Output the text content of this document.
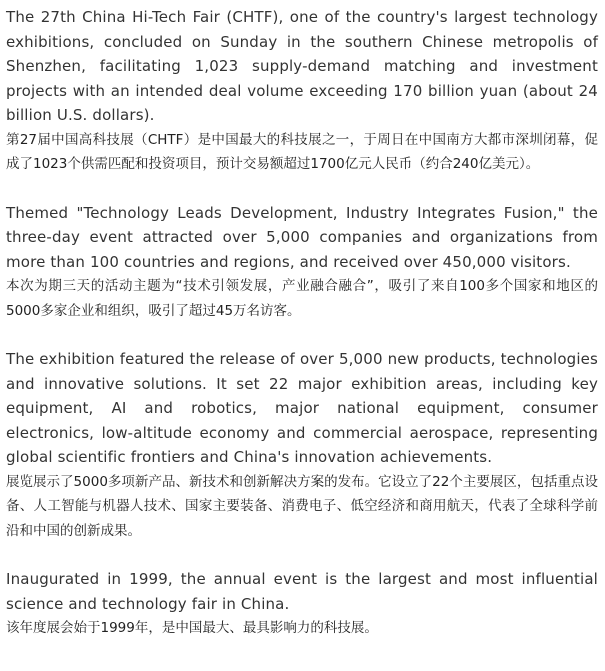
The 27th China Hi-Tech Fair (CHTF), one of the country's largest technology exhibitions, concluded on Sunday in the southern Chinese metropolis of Shenzhen, facilitating 1,023 supply-demand matching and investment projects with an intended deal volume exceeding 170 billion yuan (about 24 billion U.S. dollars).

第27届中国高科技展（CHTF）是中国最大的科技展之一，于周日在中国南方大都市深圳闭幕，促成了1023个供需匹配和投资项目，预计交易额超过1700亿元人民币（约合240亿美元）。

Themed "Technology Leads Development, Industry Integrates Fusion," the three-day event attracted over 5,000 companies and organizations from more than 100 countries and regions, and received over 450,000 visitors.

本次为期三天的活动主题为“技术引领发展，产业融合融合”，吸引了来自100多个国家和地区的5000多家企业和组织，吸引了超过45万名访客。

The exhibition featured the release of over 5,000 new products, technologies and innovative solutions. It set 22 major exhibition areas, including key equipment, AI and robotics, major national equipment, consumer electronics, low-altitude economy and commercial aerospace, representing global scientific frontiers and China's innovation achievements.

展览展示了5000多项新产品、新技术和创新解决方案的发布。它设立了22个主要展区，包括重点设备、人工智能与机器人技术、国家主要装备、消费电子、低空经济和商用航天，代表了全球科学前沿和中国的创新成果。

Inaugurated in 1999, the annual event is the largest and most influential science and technology fair in China.

该年度展会始于1999年，是中国最大、最具影响力的科技展。
